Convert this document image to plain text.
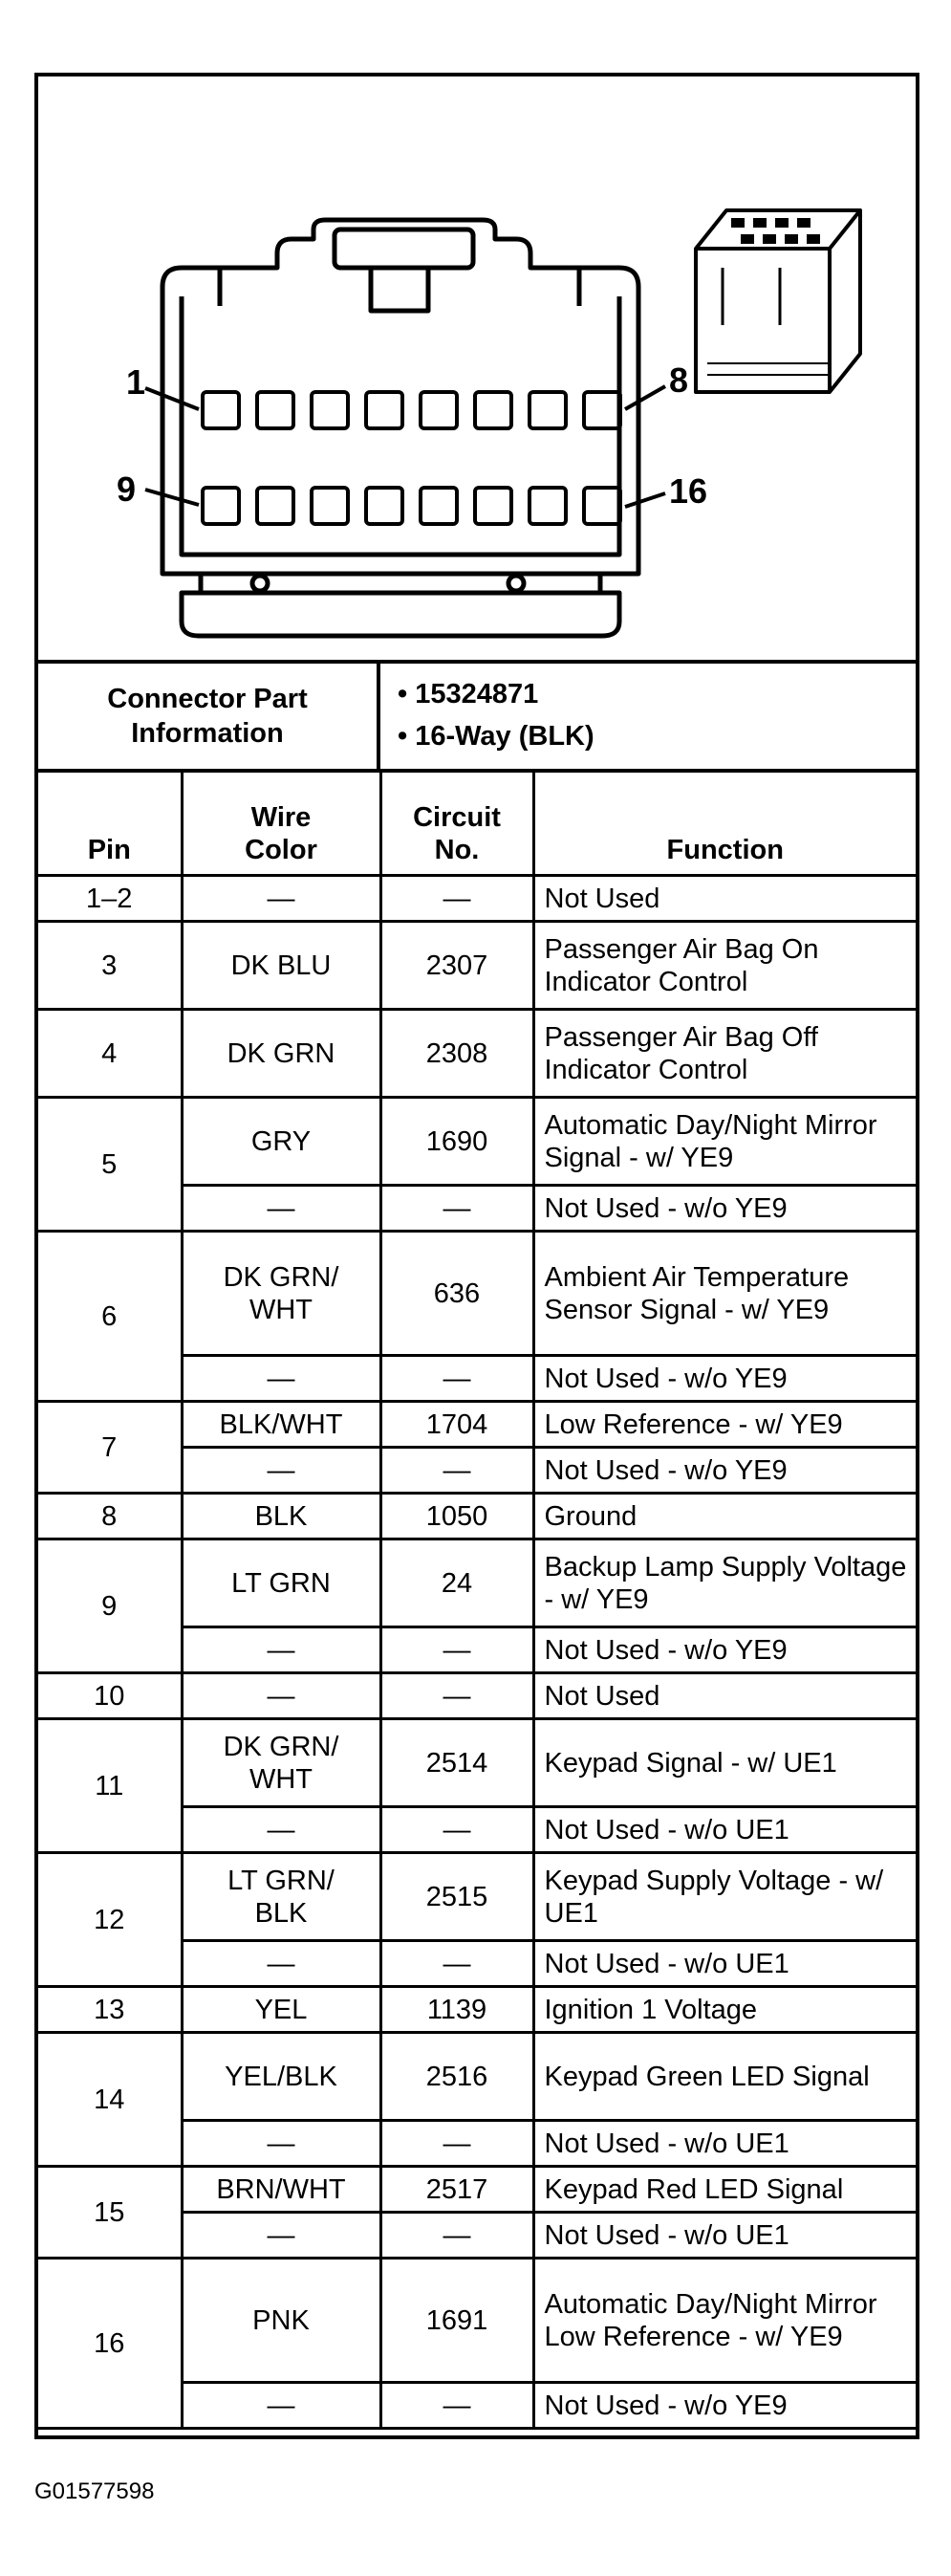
1	8
9	16
Connector Part Information
• 15324871
• 16-Way (BLK)
Pin	Wire Color	Circuit No.	Function
1–2	—	—	Not Used
3	DK BLU	2307	Passenger Air Bag On Indicator Control
4	DK GRN	2308	Passenger Air Bag Off Indicator Control
5	GRY	1690	Automatic Day/Night Mirror Signal - w/ YE9
	—	—	Not Used - w/o YE9
6	DK GRN/ WHT	636	Ambient Air Temperature Sensor Signal - w/ YE9
	—	—	Not Used - w/o YE9
7	BLK/WHT	1704	Low Reference - w/ YE9
	—	—	Not Used - w/o YE9
8	BLK	1050	Ground
9	LT GRN	24	Backup Lamp Supply Voltage - w/ YE9
	—	—	Not Used - w/o YE9
10	—	—	Not Used
11	DK GRN/ WHT	2514	Keypad Signal - w/ UE1
	—	—	Not Used - w/o UE1
12	LT GRN/ BLK	2515	Keypad Supply Voltage - w/ UE1
	—	—	Not Used - w/o UE1
13	YEL	1139	Ignition 1 Voltage
14	YEL/BLK	2516	Keypad Green LED Signal
	—	—	Not Used - w/o UE1
15	BRN/WHT	2517	Keypad Red LED Signal
	—	—	Not Used - w/o UE1
16	PNK	1691	Automatic Day/Night Mirror Low Reference - w/ YE9
	—	—	Not Used - w/o YE9
G01577598
